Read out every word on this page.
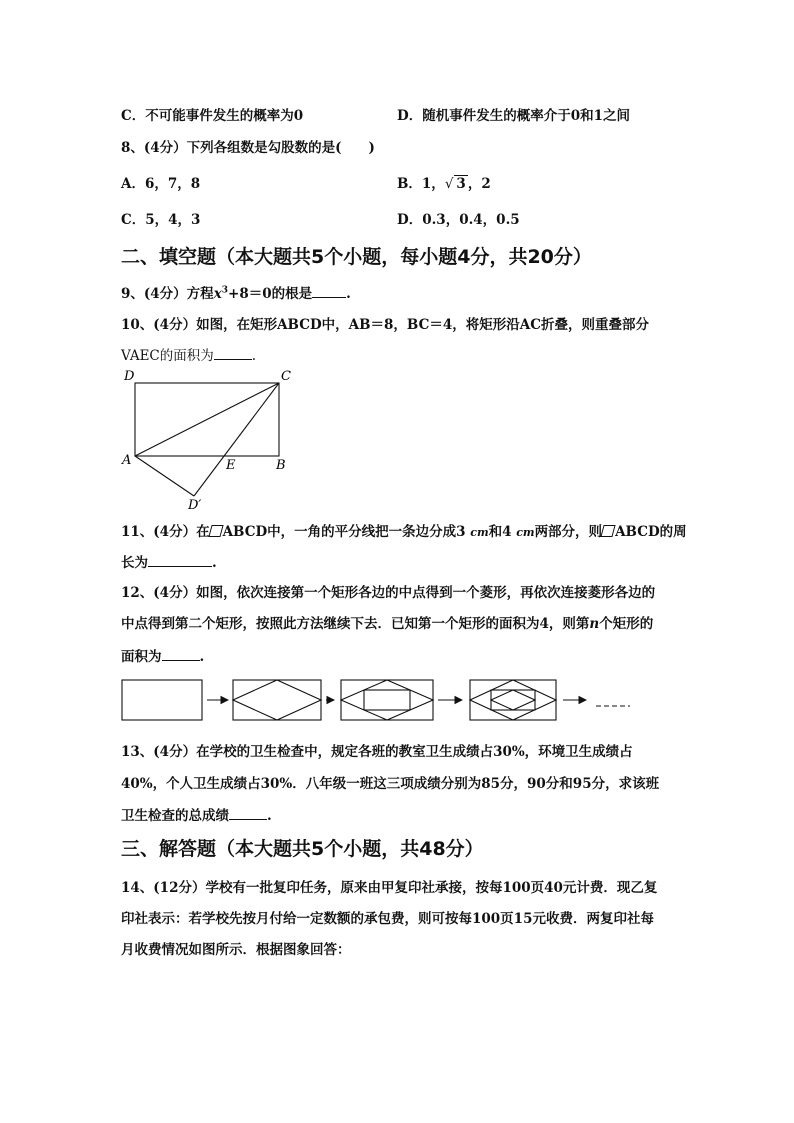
C．不可能事件发生的概率为0	D．随机事件发生的概率介于0和1之间
8、(4分）下列各组数是勾股数的是(　　)
A．6，7，8	B．1，√ 3 ，2
C．5，4，3	D．0.3，0.4，0.5
二、填空题（本大题共5个小题，每小题4分，共20分）
9、(4分）方程$x^3+8=0$的根是	.
10、(4分）如图，在矩形ABCD中，AB＝8，BC＝4，将矩形沿AC折叠，则重叠部分
VAEC的面积为	.
D	C
A	E	B
D′
11、(4分）在 ABCD中，一角的平分线把一条边分成3 cm和4 cm两部分，则 ABCD的周
长为	.
12、(4分）如图，依次连接第一个矩形各边的中点得到一个菱形，再依次连接菱形各边的
中点得到第二个矩形，按照此方法继续下去．已知第一个矩形的面积为4，则第n个矩形的
面积为	.
13、(4分）在学校的卫生检查中，规定各班的教室卫生成绩占30%，环境卫生成绩占
40%，个人卫生成绩占30%．八年级一班这三项成绩分别为85分，90分和95分，求该班
卫生检查的总成绩	.
三、解答题（本大题共5个小题，共48分）
14、(12分）学校有一批复印任务，原来由甲复印社承接，按每100页40元计费．现乙复
印社表示：若学校先按月付给一定数额的承包费，则可按每100页15元收费．两复印社每
月收费情况如图所示．根据图象回答：
